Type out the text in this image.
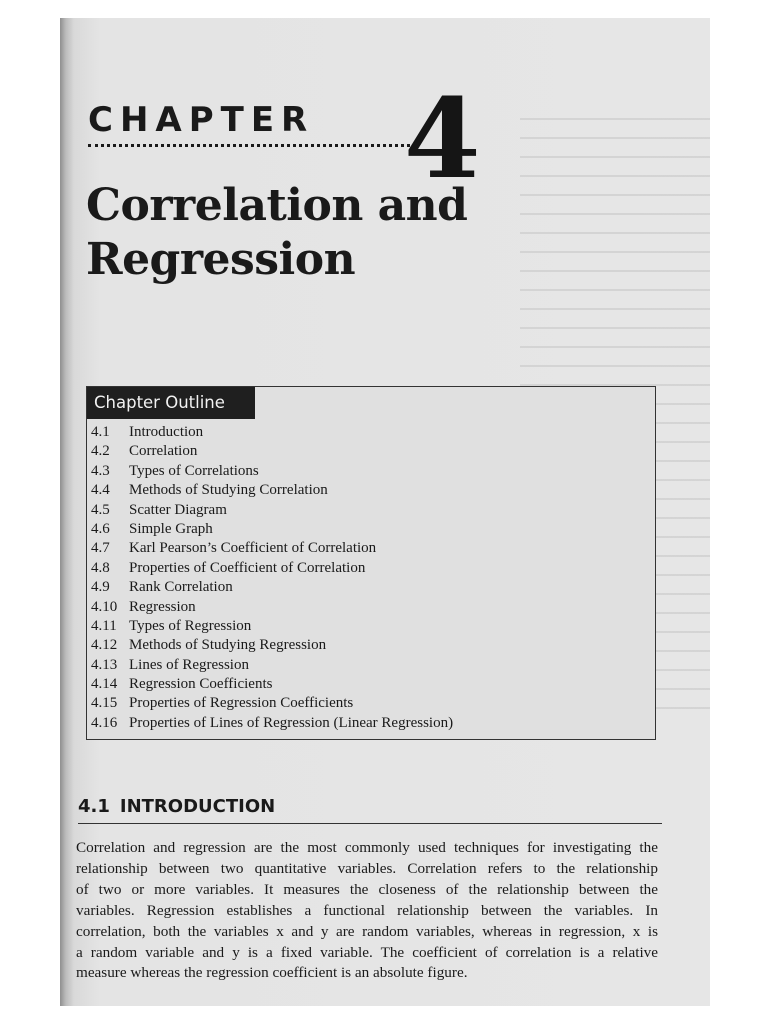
CHAPTER 4
Correlation and
Regression
Chapter Outline
4.1	Introduction
4.2	Correlation
4.3	Types of Correlations
4.4	Methods of Studying Correlation
4.5	Scatter Diagram
4.6	Simple Graph
4.7	Karl Pearson’s Coefficient of Correlation
4.8	Properties of Coefficient of Correlation
4.9	Rank Correlation
4.10 Regression
4.11 Types of Regression
4.12 Methods of Studying Regression
4.13 Lines of Regression
4.14 Regression Coefficients
4.15 Properties of Regression Coefficients
4.16 Properties of Lines of Regression (Linear Regression)
4.1 INTRODUCTION
Correlation and regression are the most commonly used techniques for investigating the
relationship between two quantitative variables. Correlation refers to the relationship
of two or more variables. It measures the closeness of the relationship between the
variables. Regression establishes a functional relationship between the variables. In
correlation, both the variables x and y are random variables, whereas in regression, x is
a random variable and y is a fixed variable. The coefficient of correlation is a relative
measure whereas the regression coefficient is an absolute figure.
